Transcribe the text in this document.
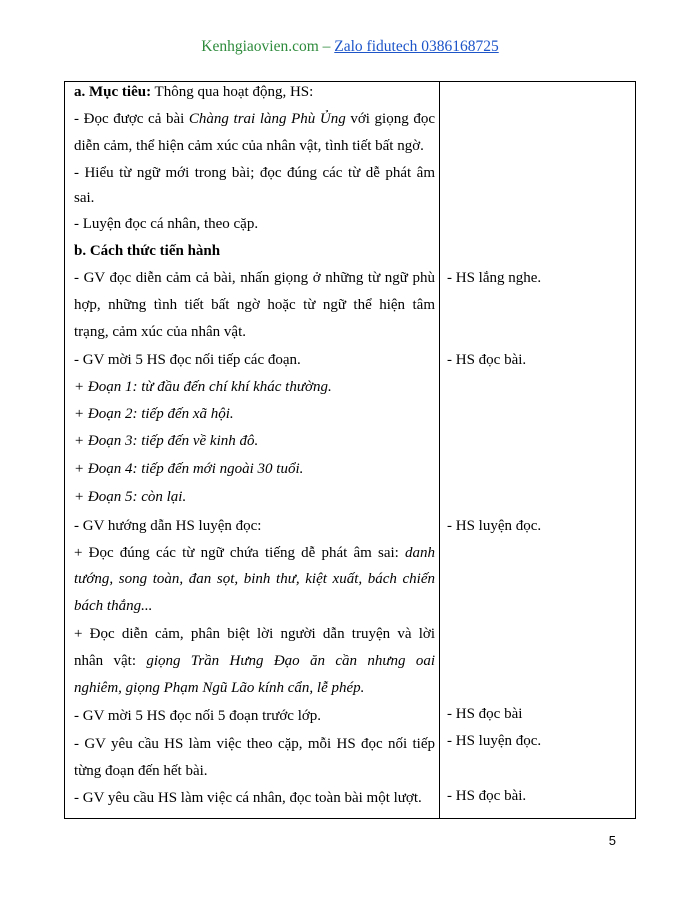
Kenhgiaovien.com – Zalo fidutech 0386168725
a. Mục tiêu: Thông qua hoạt động, HS:
- Đọc được cả bài Chàng trai làng Phù Ủng với giọng đọc
diễn cảm, thể hiện cảm xúc của nhân vật, tình tiết bất ngờ.
- Hiểu từ ngữ mới trong bài; đọc đúng các từ dễ phát âm
sai.
- Luyện đọc cá nhân, theo cặp.
b. Cách thức tiến hành
- GV đọc diễn cảm cả bài, nhấn giọng ở những từ ngữ phù
hợp, những tình tiết bất ngờ hoặc từ ngữ thể hiện tâm
trạng, cảm xúc của nhân vật.
- GV mời 5 HS đọc nối tiếp các đoạn.
+ Đoạn 1: từ đầu đến chí khí khác thường.
+ Đoạn 2: tiếp đến xã hội.
+ Đoạn 3: tiếp đến về kinh đô.
+ Đoạn 4: tiếp đến mới ngoài 30 tuổi.
+ Đoạn 5: còn lại.
- GV hướng dẫn HS luyện đọc:
+ Đọc đúng các từ ngữ chứa tiếng dễ phát âm sai: danh
tướng, song toàn, đan sọt, binh thư, kiệt xuất, bách chiến
bách thắng...
+ Đọc diễn cảm, phân biệt lời người dẫn truyện và lời
nhân vật: giọng Trần Hưng Đạo ăn cần nhưng oai
nghiêm, giọng Phạm Ngũ Lão kính cẩn, lễ phép.
- GV mời 5 HS đọc nối 5 đoạn trước lớp.
- GV yêu cầu HS làm việc theo cặp, mỗi HS đọc nối tiếp
từng đoạn đến hết bài.
- GV yêu cầu HS làm việc cá nhân, đọc toàn bài một lượt.
- HS lắng nghe.
- HS đọc bài.
- HS luyện đọc.
- HS đọc bài
- HS luyện đọc.
- HS đọc bài.
5
